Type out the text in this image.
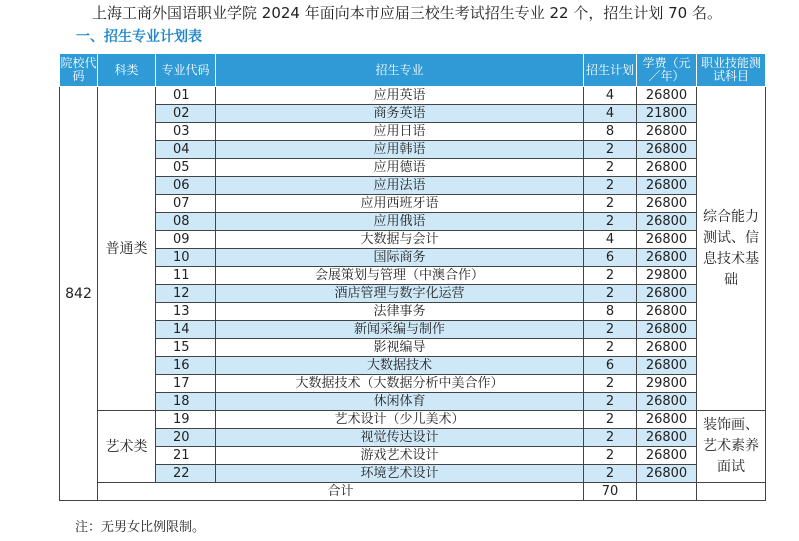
上海工商外国语职业学院 2024 年面向本市应届三校生考试招生专业 22 个，招生计划 70 名。
一、招生专业计划表
院校代码	科类	专业代码	招生专业	招生计划	学费（元／年）	职业技能测试科目
842	普通类	01	应用英语	4	26800	综合能力测试、信息技术基础
		02	商务英语	4	21800	
		03	应用日语	8	26800	
		04	应用韩语	2	26800	
		05	应用德语	2	26800	
		06	应用法语	2	26800	
		07	应用西班牙语	2	26800	
		08	应用俄语	2	26800	
		09	大数据与会计	4	26800	
		10	国际商务	6	26800	
		11	会展策划与管理（中澳合作）	2	29800	
		12	酒店管理与数字化运营	2	26800	
		13	法律事务	8	26800	
		14	新闻采编与制作	2	26800	
		15	影视编导	2	26800	
		16	大数据技术	6	26800	
		17	大数据技术（大数据分析中美合作）	2	29800	
		18	休闲体育	2	26800	
	艺术类	19	艺术设计（少儿美术）	2	26800	装饰画、艺术素养面试
		20	视觉传达设计	2	26800	
		21	游戏艺术设计	2	26800	
		22	环境艺术设计	2	26800	
	合计			70		
注：无男女比例限制。
